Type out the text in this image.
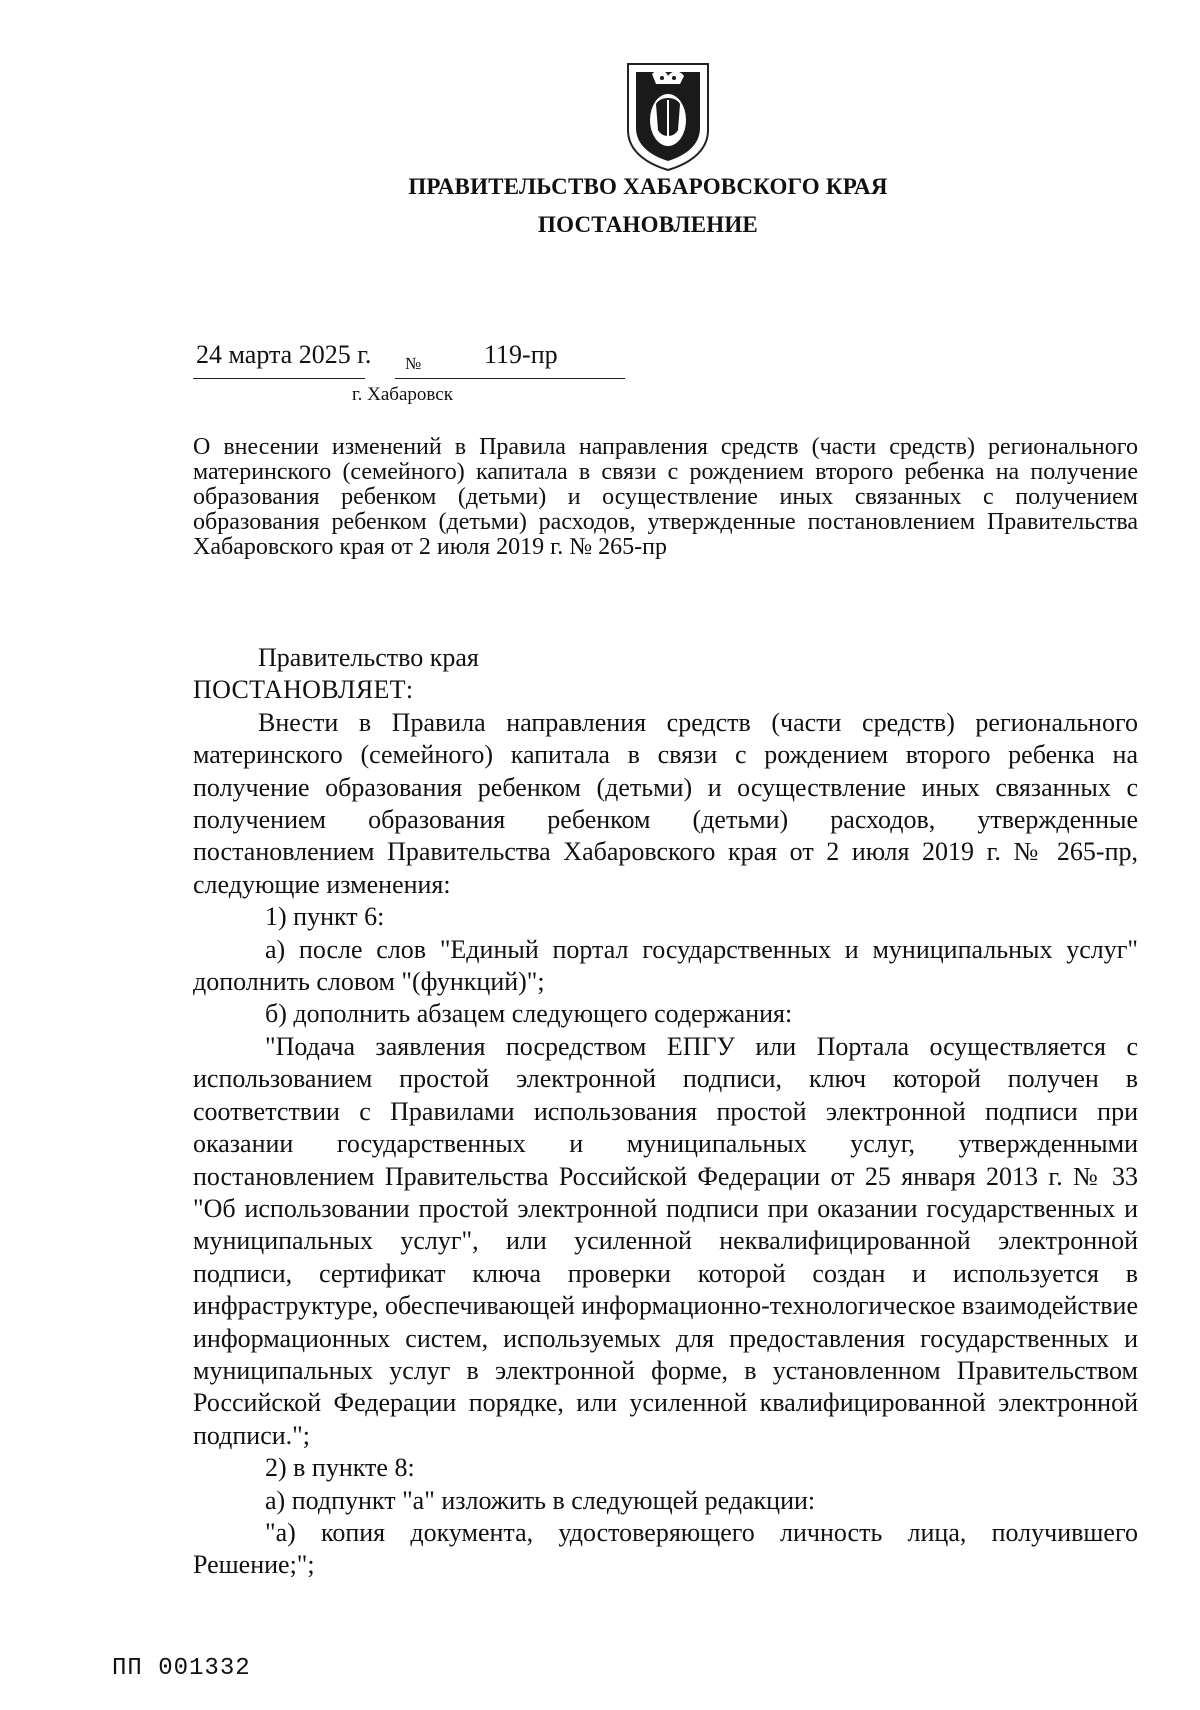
ПРАВИТЕЛЬСТВО ХАБАРОВСКОГО КРАЯ
ПОСТАНОВЛЕНИЕ
24 марта 2025 г. № 119-пр
г. Хабаровск
О внесении изменений в Правила направления средств (части средств) регионального материнского (семейного) капитала в связи с рождением второго ребенка на получение образования ребенком (детьми) и осуществление иных связанных с получением образования ребенком (детьми) расходов, утвержденные постановлением Правительства Хабаровского края от 2 июля 2019 г. № 265-пр

Правительство края

ПОСТАНОВЛЯЕТ:

Внести в Правила направления средств (части средств) регионального материнского (семейного) капитала в связи с рождением второго ребенка на получение образования ребенком (детьми) и осуществление иных связанных с получением образования ребенком (детьми) расходов, утвержденные постановлением Правительства Хабаровского края от 2 июля 2019 г. № 265-пр, следующие изменения:

1) пункт 6:

а) после слов "Единый портал государственных и муниципальных услуг" дополнить словом "(функций)";

б) дополнить абзацем следующего содержания:

"Подача заявления посредством ЕПГУ или Портала осуществляется с использованием простой электронной подписи, ключ которой получен в соответствии с Правилами использования простой электронной подписи при оказании государственных и муниципальных услуг, утвержденными постановлением Правительства Российской Федерации от 25 января 2013 г. № 33 "Об использовании простой электронной подписи при оказании государственных и муниципальных услуг", или усиленной неквалифицированной электронной подписи, сертификат ключа проверки которой создан и используется в инфраструктуре, обеспечивающей информационно-технологическое взаимодействие информационных систем, используемых для предоставления государственных и муниципальных услуг в электронной форме, в установленном Правительством Российской Федерации порядке, или усиленной квалифицированной электронной подписи.";

2) в пункте 8:

а) подпункт "а" изложить в следующей редакции:

"а) копия документа, удостоверяющего личность лица, получившего Решение;";

ПП 001332
